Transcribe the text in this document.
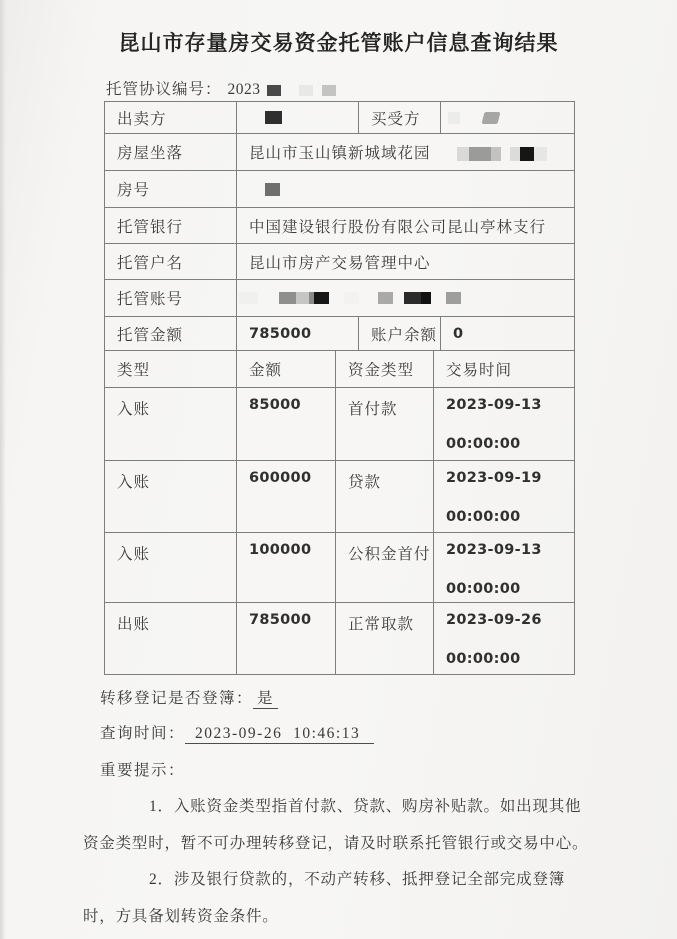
昆山市存量房交易资金托管账户信息查询结果
托管协议编号： 2023
出卖方		买受方	
房屋坐落	昆山市玉山镇新城域花园		
房号			
托管银行	中国建设银行股份有限公司昆山亭林支行		
托管户名	昆山市房产交易管理中心		
托管账号			
托管金额	785000	账户余额	0
类型	金额	资金类型	交易时间
入账	85000	首付款	2023-09-13
00:00:00

入账	600000	贷款	2023-09-19
00:00:00

入账	100000	公积金首付	2023-09-13
00:00:00

出账	785000	正常取款	2023-09-26
00:00:00
转移登记是否登簿： 是
查询时间： 2023-09-26  10:46:13
重要提示：

1．入账资金类型指首付款、贷款、购房补贴款。如出现其他资金类型时，暂不可办理转移登记，请及时联系托管银行或交易中心。

2．涉及银行贷款的，不动产转移、抵押登记全部完成登簿时，方具备划转资金条件。
